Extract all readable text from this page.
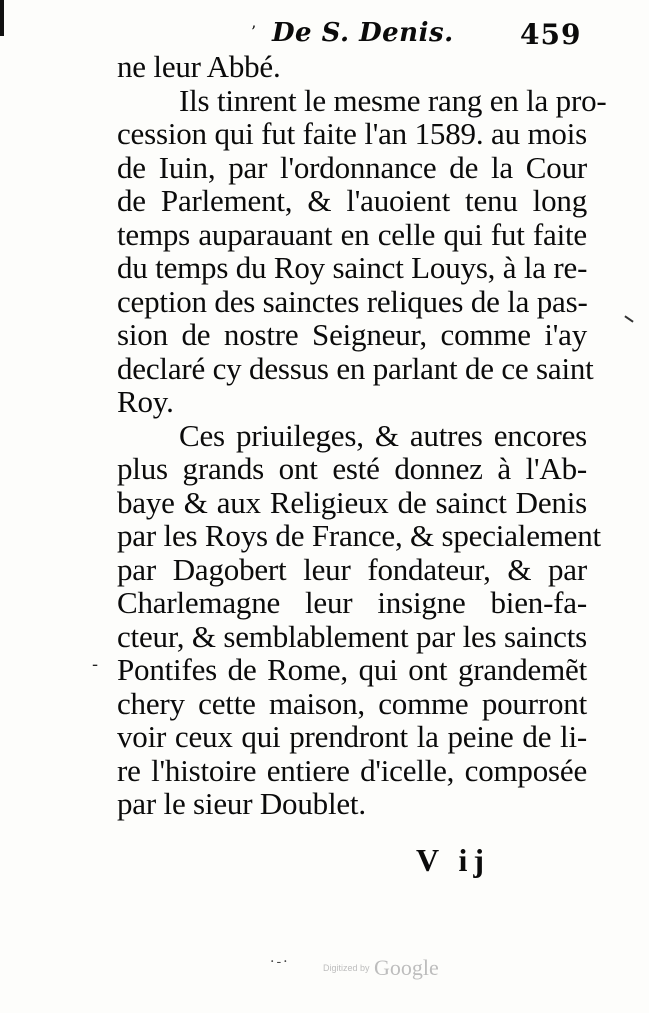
’ De S. Denis. 459
ne leur Abbé.
Ils tinrent le mesme rang en la pro-
cession qui fut faite l'an 1589. au mois
de Iuin, par l'ordonnance de la Cour
de Parlement, & l'auoient tenu long
temps auparauant en celle qui fut faite
du temps du Roy sainct Louys, à la re-
ception des sainctes reliques de la pas-
sion de nostre Seigneur, comme i'ay
declaré cy dessus en parlant de ce saint
Roy.
Ces priuileges, & autres encores
plus grands ont esté donnez à l'Ab-
baye & aux Religieux de sainct Denis
par les Roys de France, & specialement
par Dagobert leur fondateur, & par
Charlemagne leur insigne bien-fa-
cteur, & semblablement par les saincts
Pontifes de Rome, qui ont grandemẽt
chery cette maison, comme pourront
voir ceux qui prendront la peine de li-
re l'histoire entiere d'icelle, composée
par le sieur Doublet.
-
V ij
·-·	Digitized by Google
